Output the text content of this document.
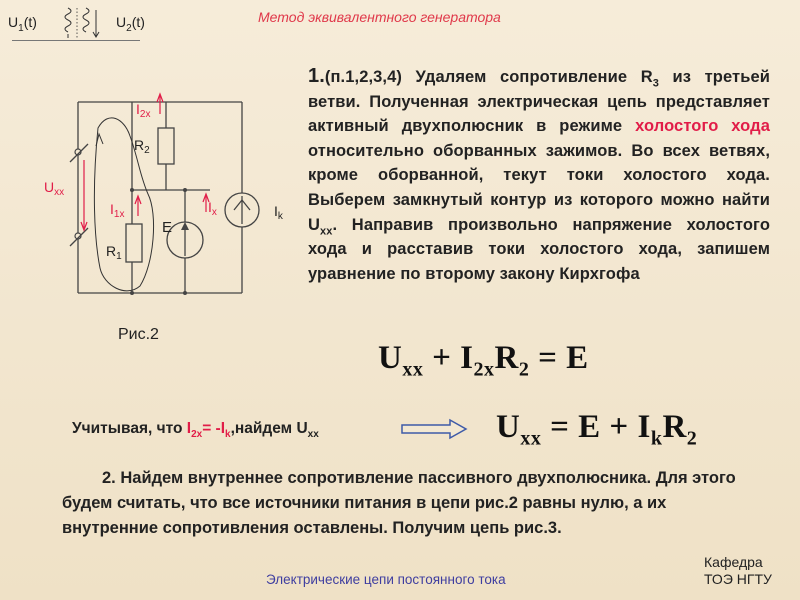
Метод эквивалентного генератора
$U_1(t)$	$U_2(t)$
$I_{2x}$
$R_2$
$U_{xx}$
$I_{1x}$
E
$I_x$	$I_k$
$R_1$
Рис.2
1.(п.1,2,3,4) Удаляем сопротивление $R_3$ из третьей ветви. Полученная электрическая цепь представляет активный двухполюсник в режиме холостого хода относительно оборванных зажимов. Во всех ветвях, кроме оборванной, текут токи холостого хода. Выберем замкнутый контур из которого можно найти $U_{хх}$. Направив произвольно напряжение холостого хода и расставив токи холостого хода, запишем уравнение по второму закону Кирхгофа
$U_{хх} + I_{2x}R_2 = E$
Учитывая, что $I_{2x}=$ $-I_k,найдем$ $U_{хх}$	$U_{хх} = E + I_kR_2$
2. Найдем внутреннее сопротивление пассивного двухполюсника. Для этого будем считать, что все источники питания в цепи рис.2 равны нулю, а их внутренние сопротивления оставлены. Получим цепь рис.3.
Электрические цепи постоянного тока
Кафедра
ТОЭ НГТУ
